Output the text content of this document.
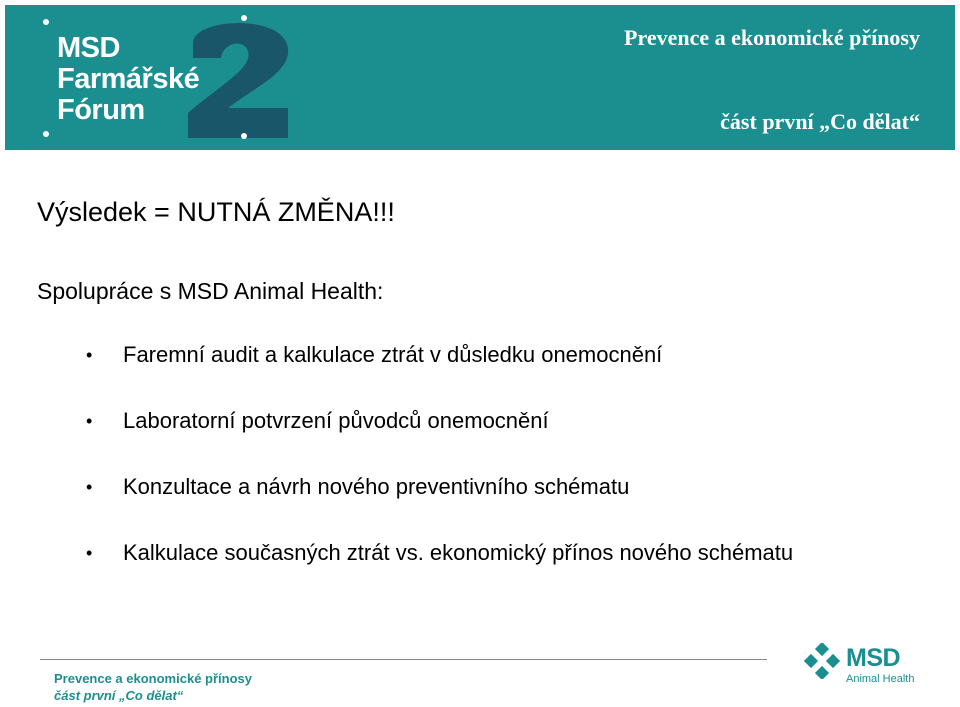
MSD
Farmářské
Fórum
Prevence a ekonomické přínosy
část první „Co dělat“
Výsledek = NUTNÁ ZMĚNA!!!
Spolupráce s MSD Animal Health:
• Faremní audit a kalkulace ztrát v důsledku onemocnění
• Laboratorní potvrzení původců onemocnění
• Konzultace a návrh nového preventivního schématu
• Kalkulace současných ztrát vs. ekonomický přínos nového schématu
Prevence a ekonomické přínosy
část první „Co dělat“
MSD
Animal Health
